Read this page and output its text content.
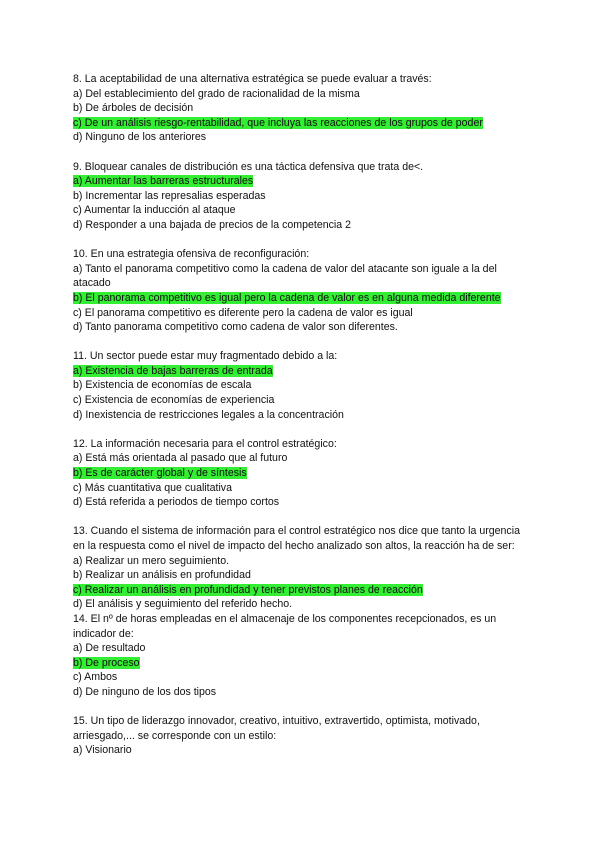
8. La aceptabilidad de una alternativa estratégica se puede evaluar a través:
a) Del establecimiento del grado de racionalidad de la misma
b) De árboles de decisión
c) De un análisis riesgo-rentabilidad, que incluya las reacciones de los grupos de poder
d) Ninguno de los anteriores
9. Bloquear canales de distribución es una táctica defensiva que trata de<.
a) Aumentar las barreras estructurales
b) Incrementar las represalias esperadas
c) Aumentar la inducción al ataque
d) Responder a una bajada de precios de la competencia 2
10. En una estrategia ofensiva de reconfiguración:
a) Tanto el panorama competitivo como la cadena de valor del atacante son iguale a la del atacado
b) El panorama competitivo es igual pero la cadena de valor es en alguna medida diferente
c) El panorama competitivo es diferente pero la cadena de valor es igual
d) Tanto panorama competitivo como cadena de valor son diferentes.
11. Un sector puede estar muy fragmentado debido a la:
a) Existencia de bajas barreras de entrada
b) Existencia de economías de escala
c) Existencia de economías de experiencia
d) Inexistencia de restricciones legales a la concentración
12. La información necesaria para el control estratégico:
a) Está más orientada al pasado que al futuro
b) Es de carácter global y de síntesis
c) Más cuantitativa que cualitativa
d) Está referida a periodos de tiempo cortos
13. Cuando el sistema de información para el control estratégico nos dice que tanto la urgencia en la respuesta como el nivel de impacto del hecho analizado son altos, la reacción ha de ser:
a) Realizar un mero seguimiento.
b) Realizar un análisis en profundidad
c) Realizar un análisis en profundidad y tener previstos planes de reacción
d) El análisis y seguimiento del referido hecho.
14. El nº de horas empleadas en el almacenaje de los componentes recepcionados, es un indicador de:
a) De resultado
b) De proceso
c) Ambos
d) De ninguno de los dos tipos
15. Un tipo de liderazgo innovador, creativo, intuitivo, extravertido, optimista, motivado, arriesgado,... se corresponde con un estilo:
a) Visionario
